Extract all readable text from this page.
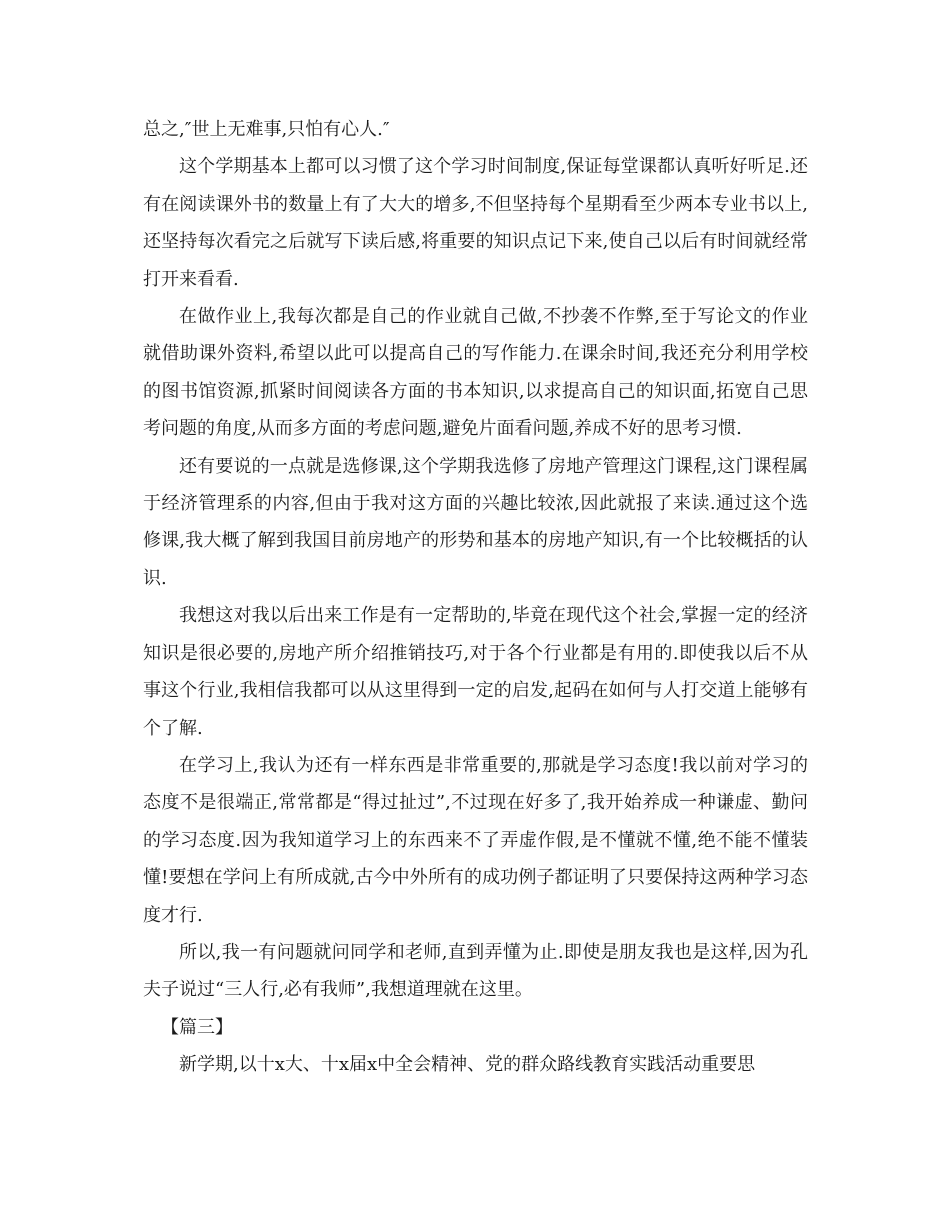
总之,″世上无难事,只怕有心人.″

这个学期基本上都可以习惯了这个学习时间制度,保证每堂课都认真听好听足.还有在阅读课外书的数量上有了大大的增多,不但坚持每个星期看至少两本专业书以上,还坚持每次看完之后就写下读后感,将重要的知识点记下来,使自己以后有时间就经常打开来看看.

在做作业上,我每次都是自己的作业就自己做,不抄袭不作弊,至于写论文的作业就借助课外资料,希望以此可以提高自己的写作能力.在课余时间,我还充分利用学校的图书馆资源,抓紧时间阅读各方面的书本知识,以求提高自己的知识面,拓宽自己思考问题的角度,从而多方面的考虑问题,避免片面看问题,养成不好的思考习惯.

还有要说的一点就是选修课,这个学期我选修了房地产管理这门课程,这门课程属于经济管理系的内容,但由于我对这方面的兴趣比较浓,因此就报了来读.通过这个选修课,我大概了解到我国目前房地产的形势和基本的房地产知识,有一个比较概括的认识.

我想这对我以后出来工作是有一定帮助的,毕竟在现代这个社会,掌握一定的经济知识是很必要的,房地产所介绍推销技巧,对于各个行业都是有用的.即使我以后不从事这个行业,我相信我都可以从这里得到一定的启发,起码在如何与人打交道上能够有个了解.

在学习上,我认为还有一样东西是非常重要的,那就是学习态度!我以前对学习的态度不是很端正,常常都是“得过扯过”,不过现在好多了,我开始养成一种谦虚、勤问的学习态度.因为我知道学习上的东西来不了弄虚作假,是不懂就不懂,绝不能不懂装懂!要想在学问上有所成就,古今中外所有的成功例子都证明了只要保持这两种学习态度才行.

所以,我一有问题就问同学和老师,直到弄懂为止.即使是朋友我也是这样,因为孔夫子说过“三人行,必有我师”,我想道理就在这里。

【篇三】

新学期,以十x大、十x届x中全会精神、党的群众路线教育实践活动重要思
